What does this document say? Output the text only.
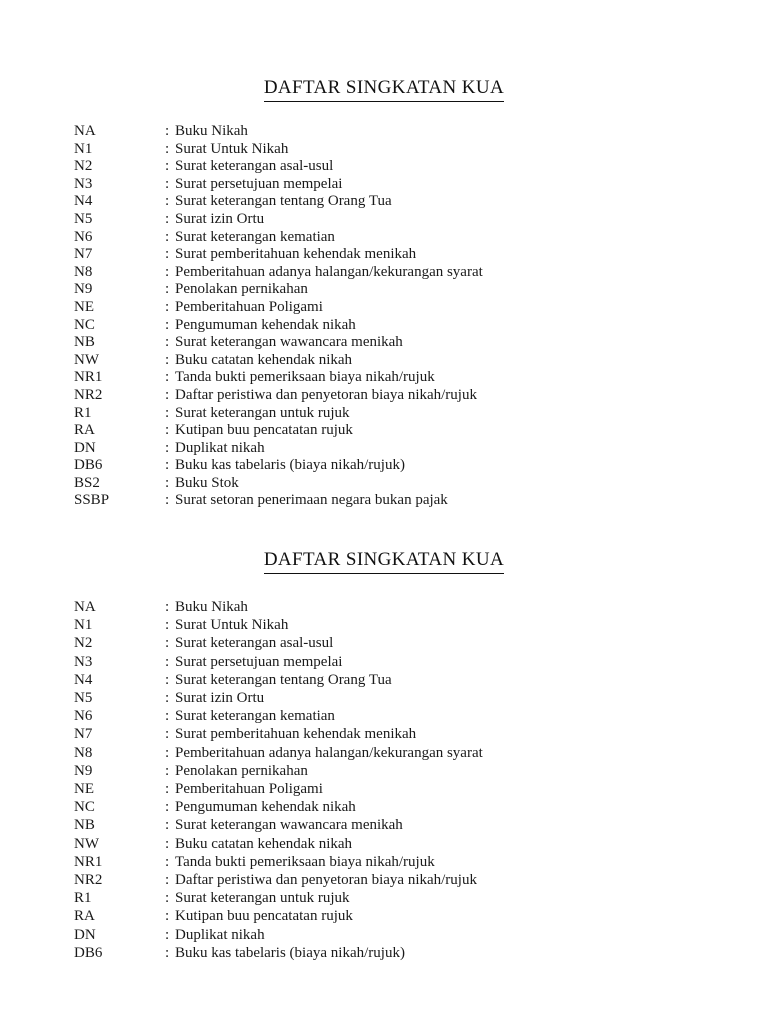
DAFTAR SINGKATAN KUA
NA	: Buku Nikah
N1	: Surat Untuk Nikah
N2	: Surat keterangan asal-usul
N3	: Surat persetujuan mempelai
N4	: Surat keterangan tentang Orang Tua
N5	: Surat izin Ortu
N6	: Surat keterangan kematian
N7	: Surat pemberitahuan kehendak menikah
N8	: Pemberitahuan adanya halangan/kekurangan syarat
N9	: Penolakan pernikahan
NE	: Pemberitahuan Poligami
NC	: Pengumuman kehendak nikah
NB	: Surat keterangan wawancara menikah
NW	: Buku catatan kehendak nikah
NR1	: Tanda bukti pemeriksaan biaya nikah/rujuk
NR2	: Daftar peristiwa dan penyetoran biaya nikah/rujuk
R1	: Surat keterangan untuk rujuk
RA	: Kutipan buu pencatatan rujuk
DN	: Duplikat nikah
DB6	: Buku kas tabelaris (biaya nikah/rujuk)
BS2	: Buku Stok
SSBP	: Surat setoran penerimaan negara bukan pajak
DAFTAR SINGKATAN KUA
NA	: Buku Nikah
N1	: Surat Untuk Nikah
N2	: Surat keterangan asal-usul
N3	: Surat persetujuan mempelai
N4	: Surat keterangan tentang Orang Tua
N5	: Surat izin Ortu
N6	: Surat keterangan kematian
N7	: Surat pemberitahuan kehendak menikah
N8	: Pemberitahuan adanya halangan/kekurangan syarat
N9	: Penolakan pernikahan
NE	: Pemberitahuan Poligami
NC	: Pengumuman kehendak nikah
NB	: Surat keterangan wawancara menikah
NW	: Buku catatan kehendak nikah
NR1	: Tanda bukti pemeriksaan biaya nikah/rujuk
NR2	: Daftar peristiwa dan penyetoran biaya nikah/rujuk
R1	: Surat keterangan untuk rujuk
RA	: Kutipan buu pencatatan rujuk
DN	: Duplikat nikah
DB6	: Buku kas tabelaris (biaya nikah/rujuk)
